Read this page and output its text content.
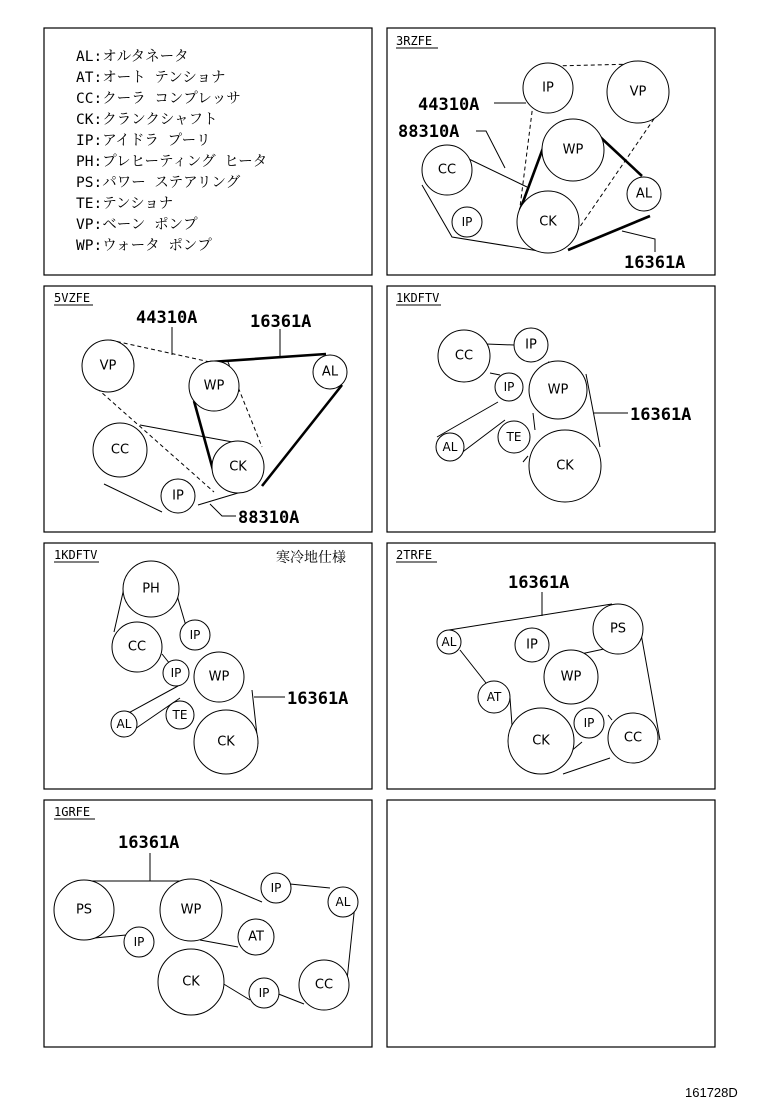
AL:オルタネータ
AT:オート テンショナ
CC:クーラ コンプレッサ
CK:クランクシャフト
IP:アイドラ プーリ
PH:プレヒーティング ヒータ
PS:パワー ステアリング
TE:テンショナ
VP:ベーン ポンプ
WP:ウォータ ポンプ
3RZFE
IP	VP
WP
CC
AL
IP	CK
44310A
88310A
16361A
5VZFE
VP
WP
AL
CC
CK
IP
44310A	16361A
88310A
1KDFTV
CC
IP
IP	WP
AL
TE
CK
16361A
1KDFTV	寒冷地仕様
PH
IP
CC
IP WP
AL
TE
CK
16361A
2TRFE
PS
AL	IP
WP
AT
IP
CC
CK
16361A
1GRFE
PS	WP
IP
AL
IP	AT
CK
IP
CC
16361A
161728D
